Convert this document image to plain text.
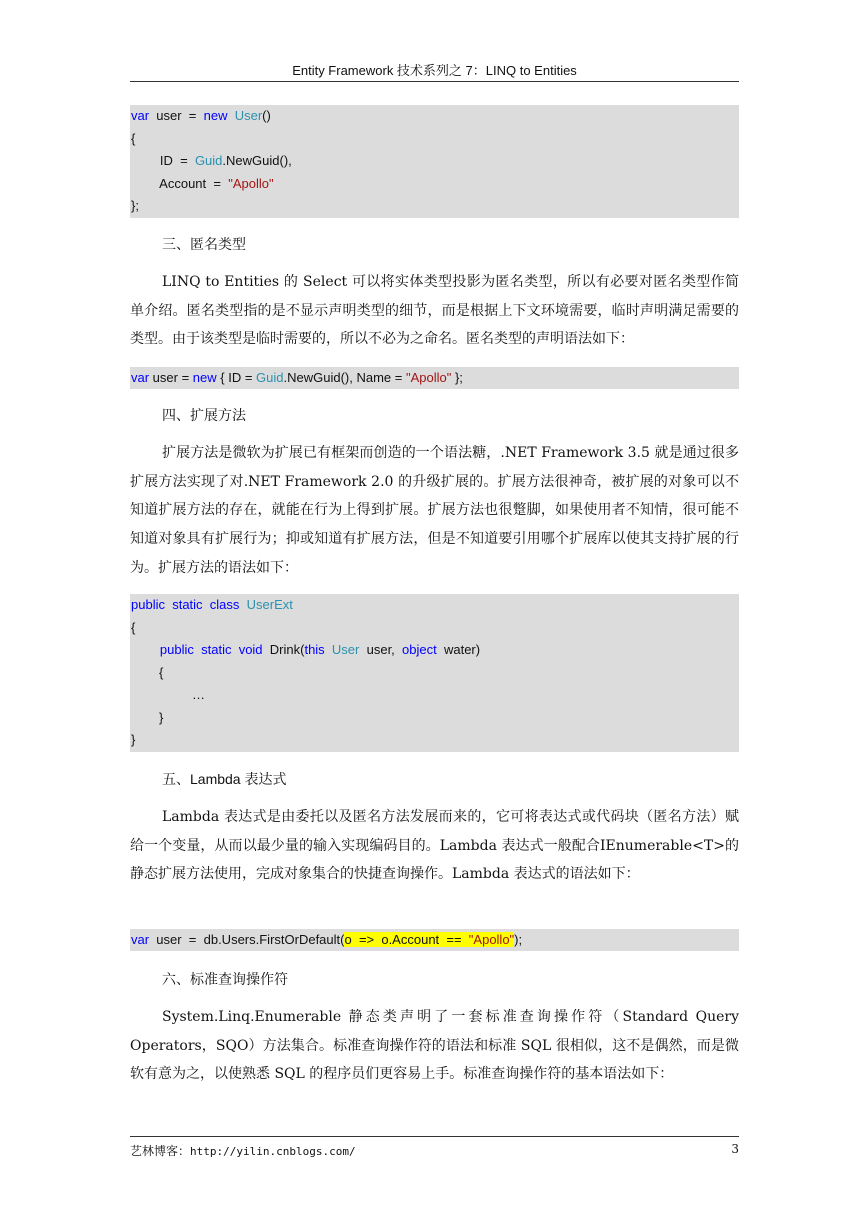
Entity Framework 技术系列之 7：LINQ to Entities
var  user  =  new User()
{
ID  =  Guid.NewGuid(),
Account  =  "Apollo"
};
三、匿名类型

LINQ to Entities 的 Select 可以将实体类型投影为匿名类型，所以有必要对匿名类型作简单介绍。匿名类型指的是不显示声明类型的细节，而是根据上下文环境需要，临时声明满足需要的类型。由于该类型是临时需要的，所以不必为之命名。匿名类型的声明语法如下：

var user = new { ID = Guid.NewGuid(), Name = "Apollo" };
四、扩展方法

扩展方法是微软为扩展已有框架而创造的一个语法糖，.NET Framework 3.5 就是通过很多扩展方法实现了对.NET Framework 2.0 的升级扩展的。扩展方法很神奇，被扩展的对象可以不知道扩展方法的存在，就能在行为上得到扩展。扩展方法也很蹩脚，如果使用者不知情，很可能不知道对象具有扩展行为；抑或知道有扩展方法，但是不知道要引用哪个扩展库以使其支持扩展的行为。扩展方法的语法如下：

public static class UserExt
{
public static void Drink(this User user, object water)
{
…
}
}
五、Lambda 表达式

Lambda 表达式是由委托以及匿名方法发展而来的，它可将表达式或代码块（匿名方法）赋给一个变量，从而以最少量的输入实现编码目的。Lambda 表达式一般配合IEnumerable<T>的静态扩展方法使用，完成对象集合的快捷查询操作。Lambda 表达式的语法如下：

var  user  =  db.Users.FirstOrDefault(o  =>  o.Account  ==  "Apollo");
六、标准查询操作符

System.Linq.Enumerable 静态类声明了一套标准查询操作符（Standard Query Operators，SQO）方法集合。标准查询操作符的语法和标准 SQL 很相似，这不是偶然，而是微软有意为之，以使熟悉 SQL 的程序员们更容易上手。标准查询操作符的基本语法如下：

艺林博客：http://yilin.cnblogs.com/	3
